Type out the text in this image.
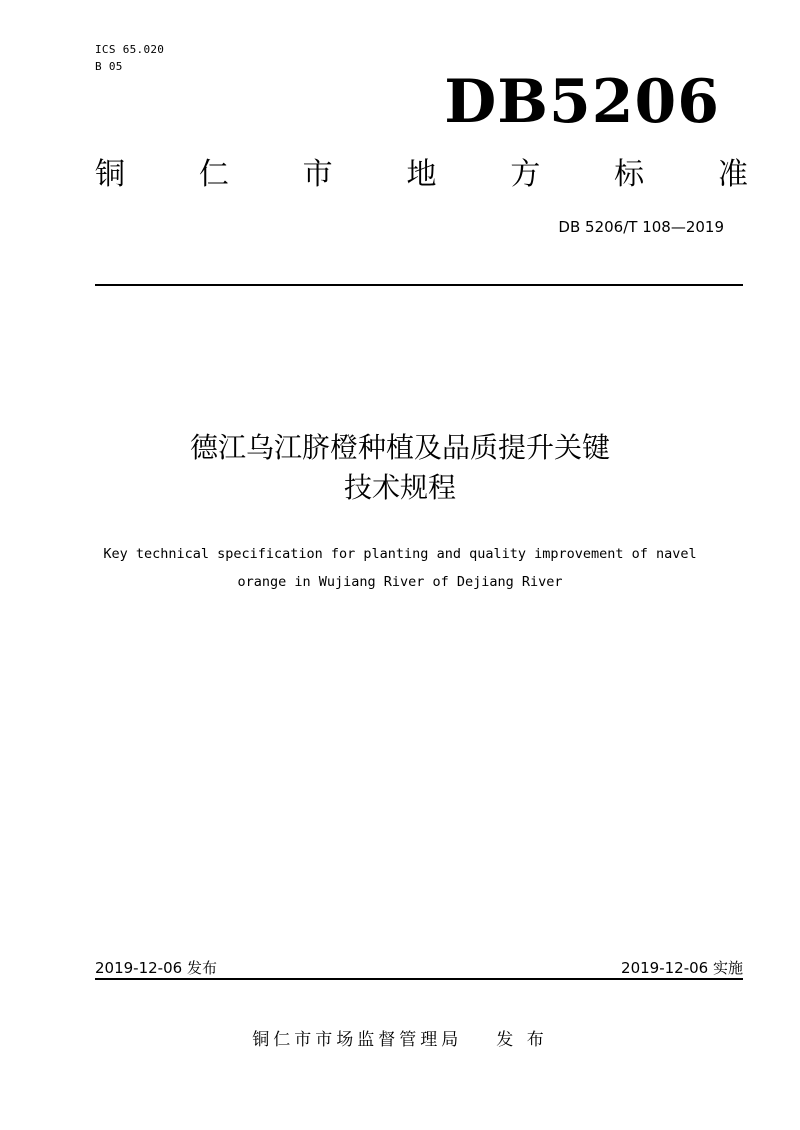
ICS 65.020
B 05
DB5206
铜 仁 市 地 方 标 准
DB 5206/T 108—2019
德江乌江脐橙种植及品质提升关键
技术规程
Key technical specification for planting and quality improvement of navel
orange in Wujiang River of Dejiang River
2019-12-06 发布	2019-12-06 实施
铜仁市市场监督管理局 发 布
